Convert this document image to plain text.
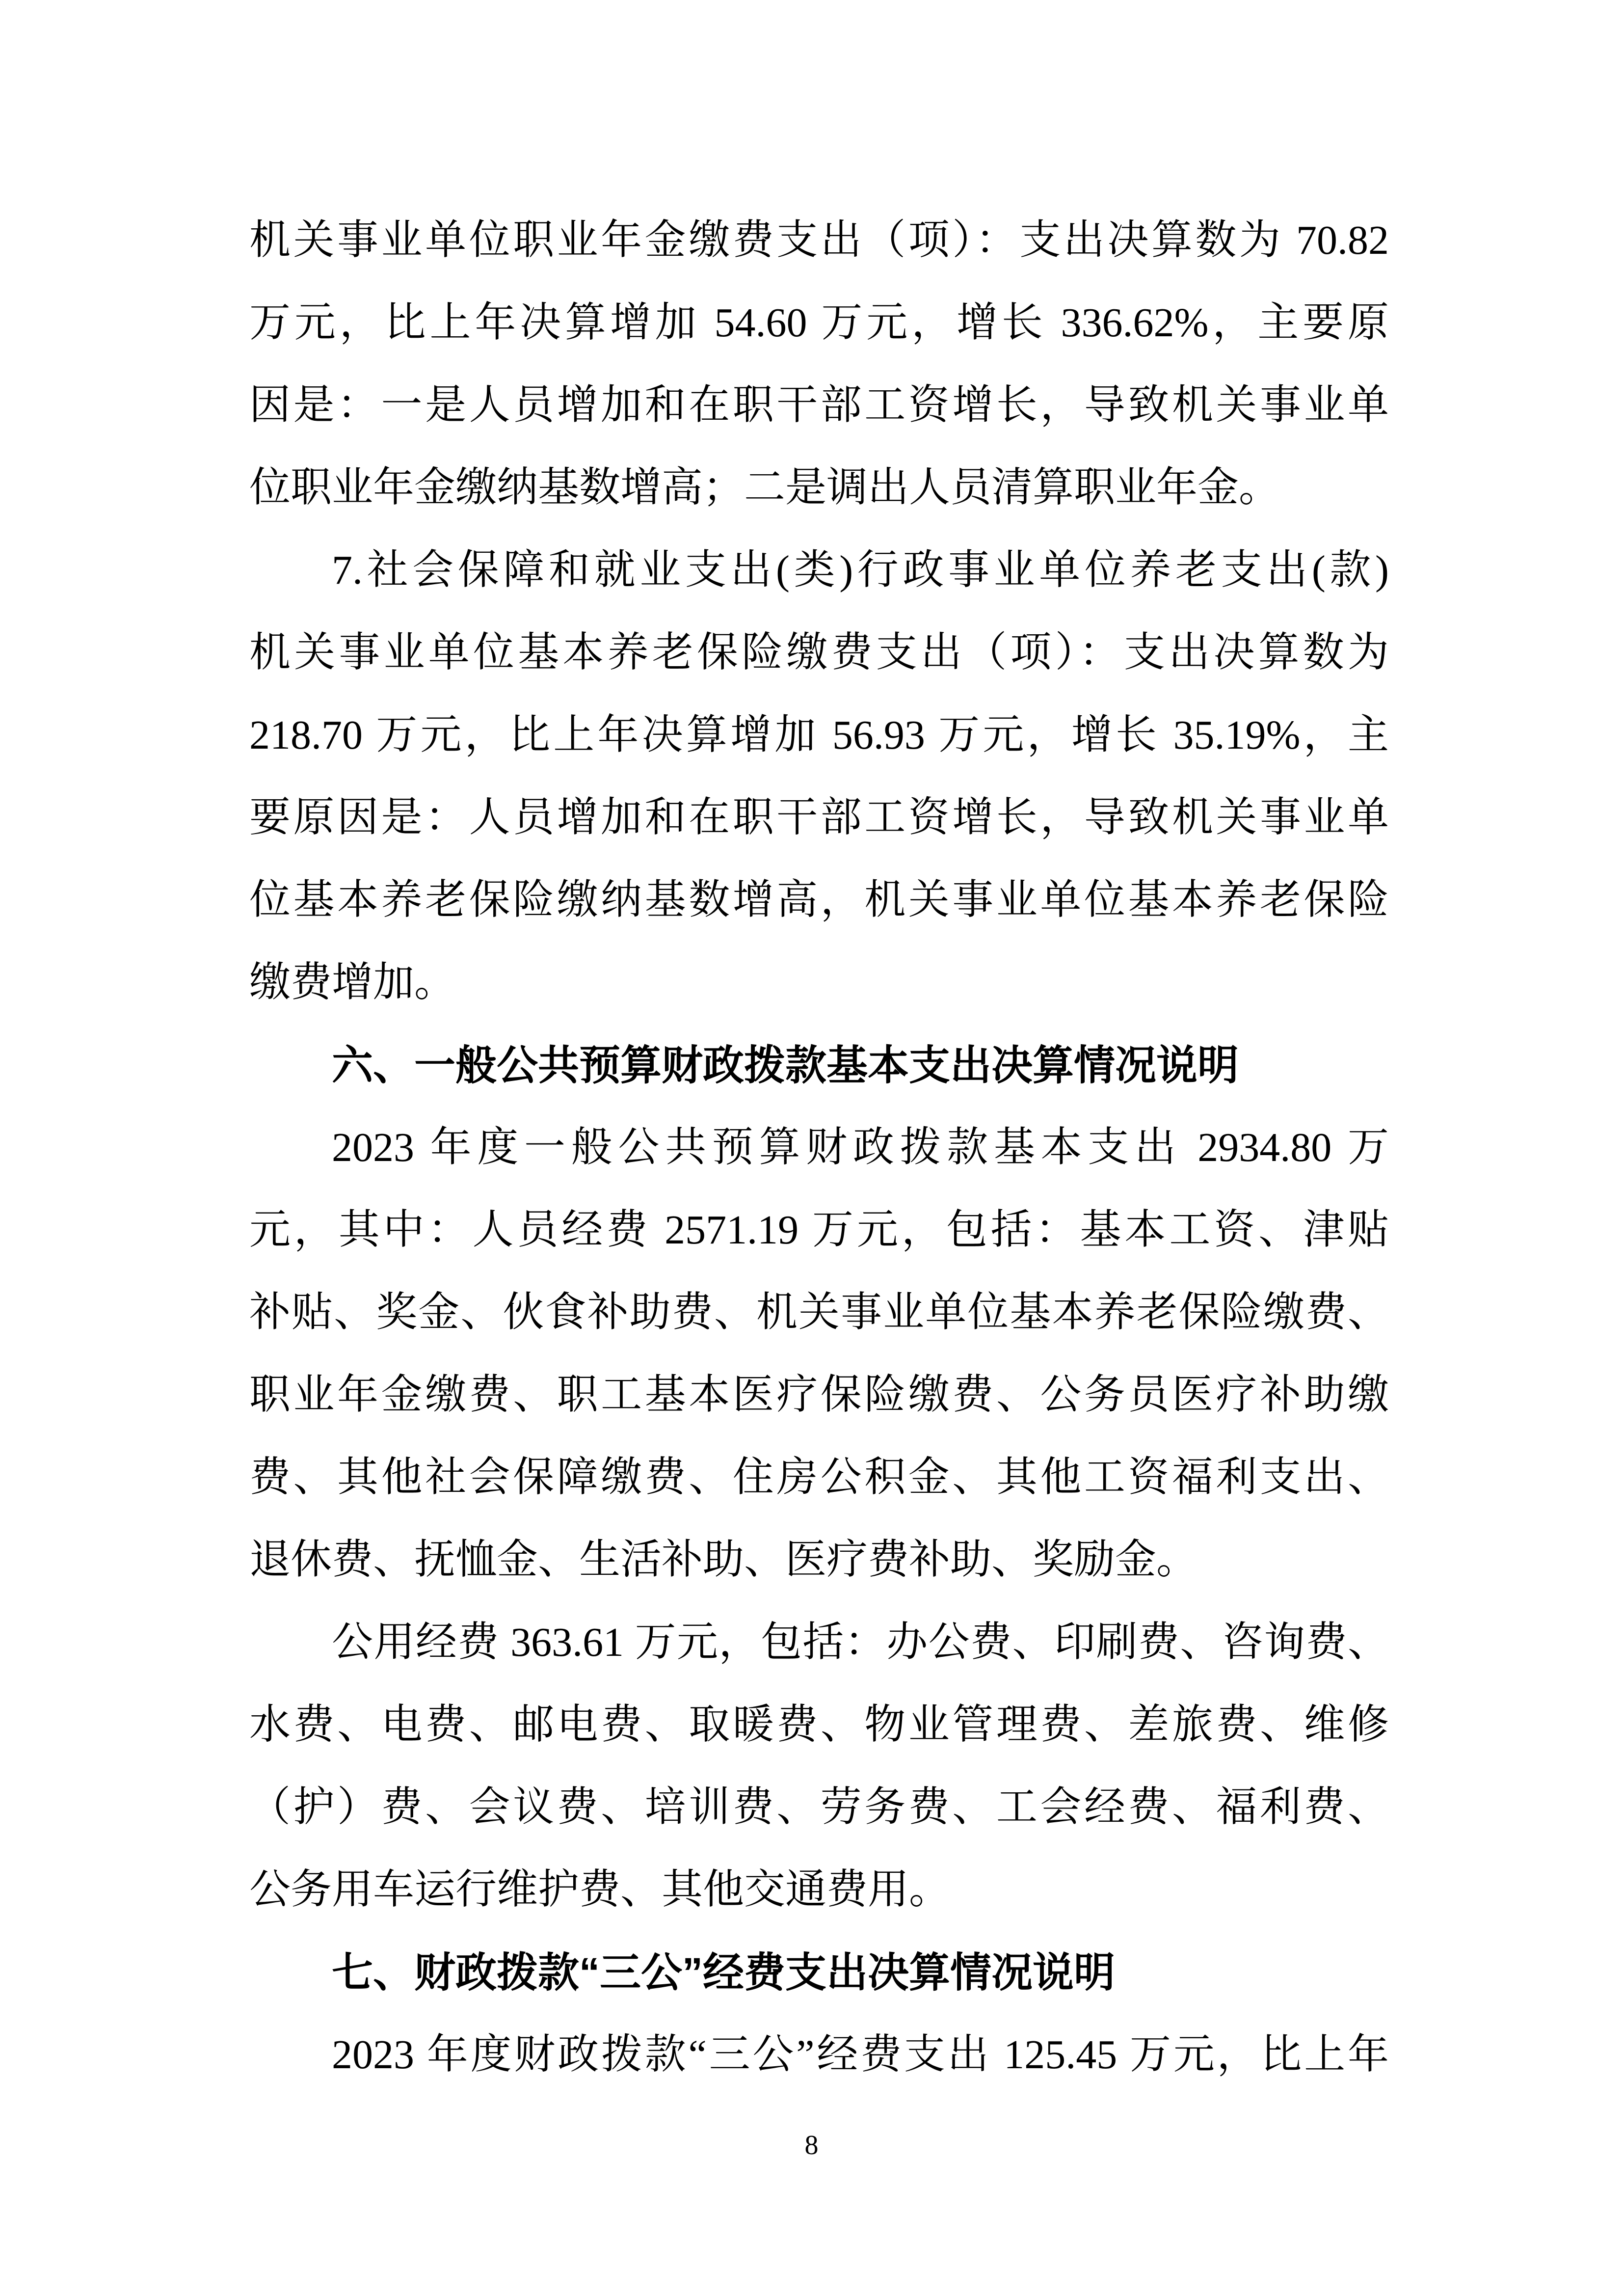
机关事业单位职业年金缴费支出（项）：支出决算数为 70.82
万元，比上年决算增加 54.60 万元，增长 336.62%，主要原
因是：一是人员增加和在职干部工资增长，导致机关事业单
位职业年金缴纳基数增高；二是调出人员清算职业年金。
7.社会保障和就业支出(类)行政事业单位养老支出(款)
机关事业单位基本养老保险缴费支出（项）：支出决算数为
218.70 万元，比上年决算增加 56.93 万元，增长 35.19%，主
要原因是：人员增加和在职干部工资增长，导致机关事业单
位基本养老保险缴纳基数增高，机关事业单位基本养老保险
缴费增加。
六、一般公共预算财政拨款基本支出决算情况说明
2023 年度一般公共预算财政拨款基本支出 2934.80 万
元，其中：人员经费 2571.19 万元，包括：基本工资、津贴
补贴、奖金、伙食补助费、机关事业单位基本养老保险缴费、
职业年金缴费、职工基本医疗保险缴费、公务员医疗补助缴
费、其他社会保障缴费、住房公积金、其他工资福利支出、
退休费、抚恤金、生活补助、医疗费补助、奖励金。
公用经费 363.61 万元，包括：办公费、印刷费、咨询费、
水费、电费、邮电费、取暖费、物业管理费、差旅费、维修
（护）费、会议费、培训费、劳务费、工会经费、福利费、
公务用车运行维护费、其他交通费用。
七、财政拨款“三公”经费支出决算情况说明
2023 年度财政拨款“三公”经费支出 125.45 万元，比上年
8
